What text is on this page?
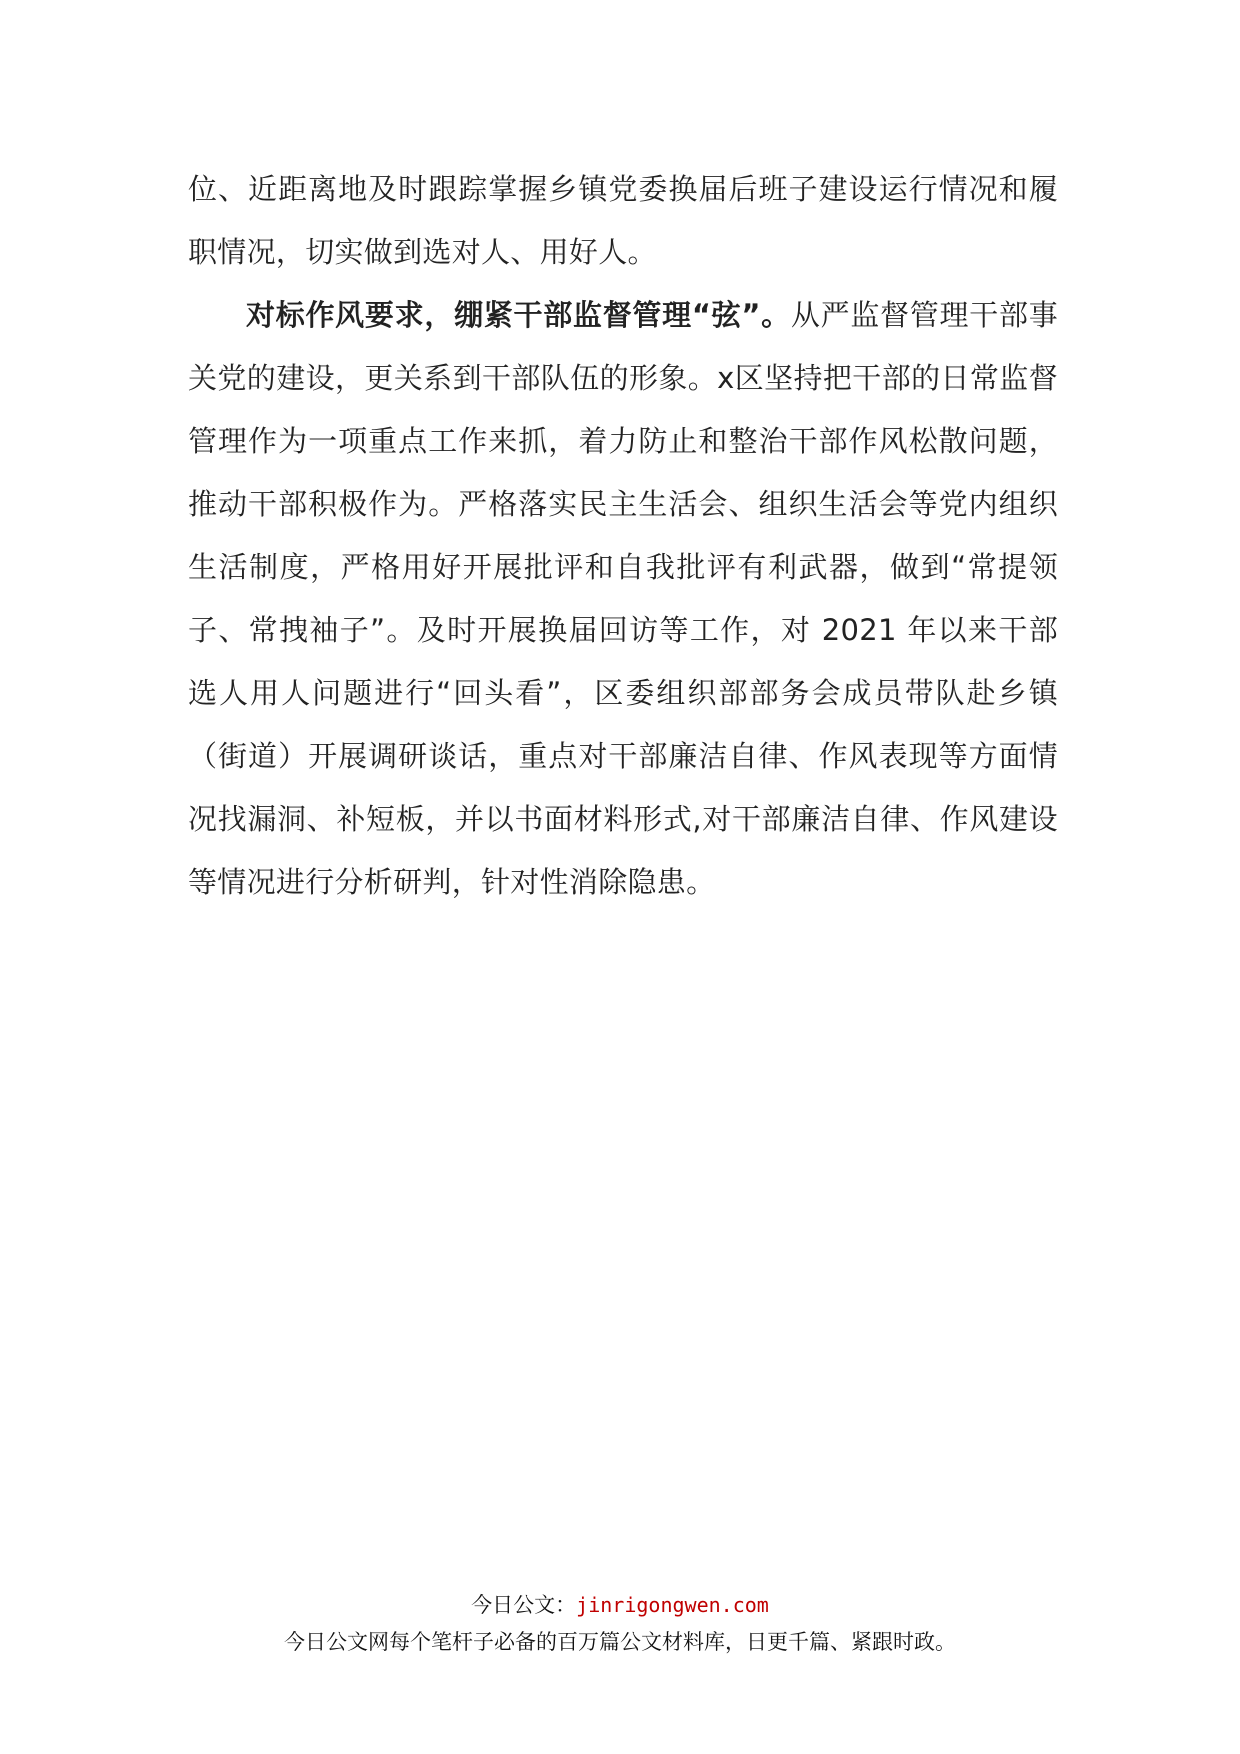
位、近距离地及时跟踪掌握乡镇党委换届后班子建设运行情况和履职情况，切实做到选对人、用好人。

对标作风要求，绷紧干部监督管理“弦”。从严监督管理干部事关党的建设，更关系到干部队伍的形象。x区坚持把干部的日常监督管理作为一项重点工作来抓，着力防止和整治干部作风松散问题，推动干部积极作为。严格落实民主生活会、组织生活会等党内组织生活制度，严格用好开展批评和自我批评有利武器，做到“常提领子、常拽袖子”。及时开展换届回访等工作，对 2021 年以来干部选人用人问题进行“回头看”，区委组织部部务会成员带队赴乡镇（街道）开展调研谈话，重点对干部廉洁自律、作风表现等方面情况找漏洞、补短板，并以书面材料形式,对干部廉洁自律、作风建设等情况进行分析研判，针对性消除隐患。

今日公文：jinrigongwen.com
今日公文网每个笔杆子必备的百万篇公文材料库，日更千篇、紧跟时政。
